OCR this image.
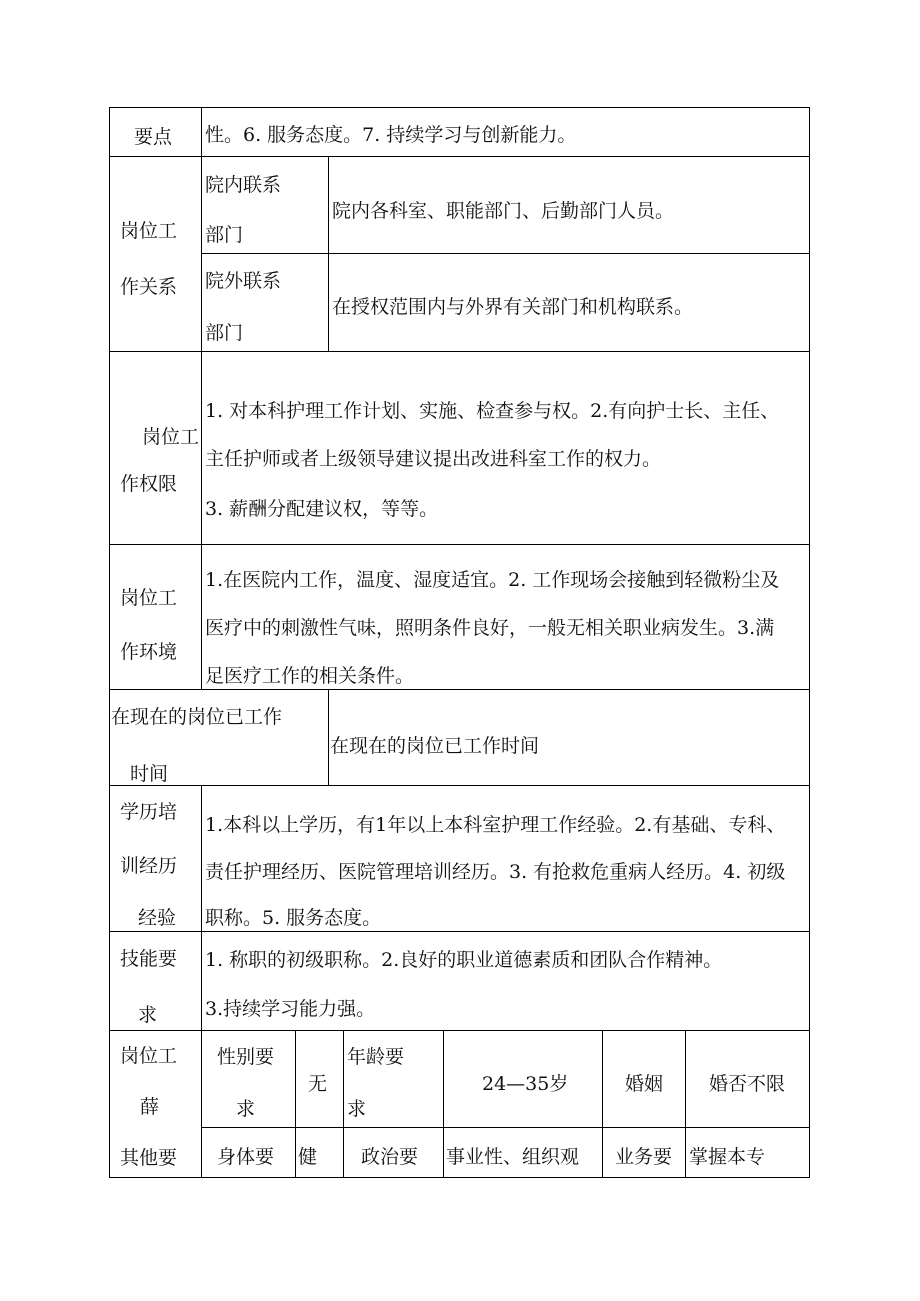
要点 性。6. 服务态度。7. 持续学习与创新能力。
岗位工
作关系
院内联系
部门
院内各科室、职能部门、后勤部门人员。
院外联系
部门
在授权范围内与外界有关部门和机构联系。
岗位工
作权限
1. 对本科护理工作计划、实施、检查参与权。2.有向护士长、主任、
主任护师或者上级领导建议提出改进科室工作的权力。
3. 薪酬分配建议权，等等。
岗位工
作环境
1.在医院内工作，温度、湿度适宜。2. 工作现场会接触到轻微粉尘及
医疗中的刺激性气味，照明条件良好，一般无相关职业病发生。3.满
足医疗工作的相关条件。
在现在的岗位已工作
时间
在现在的岗位已工作时间
学历培
训经历
经验
1.本科以上学历，有1年以上本科室护理工作经验。2.有基础、专科、
责任护理经历、医院管理培训经历。3. 有抢救危重病人经历。4. 初级
职称。5. 服务态度。
技能要
求
1. 称职的初级职称。2.良好的职业道德素质和团队合作精神。
3.持续学习能力强。
岗位工
薛
其他要
性别要
求
无
年龄要
求
24—35岁	婚姻 婚否不限
身体要 健 政治要 事业性、组织观 业务要 掌握本专
